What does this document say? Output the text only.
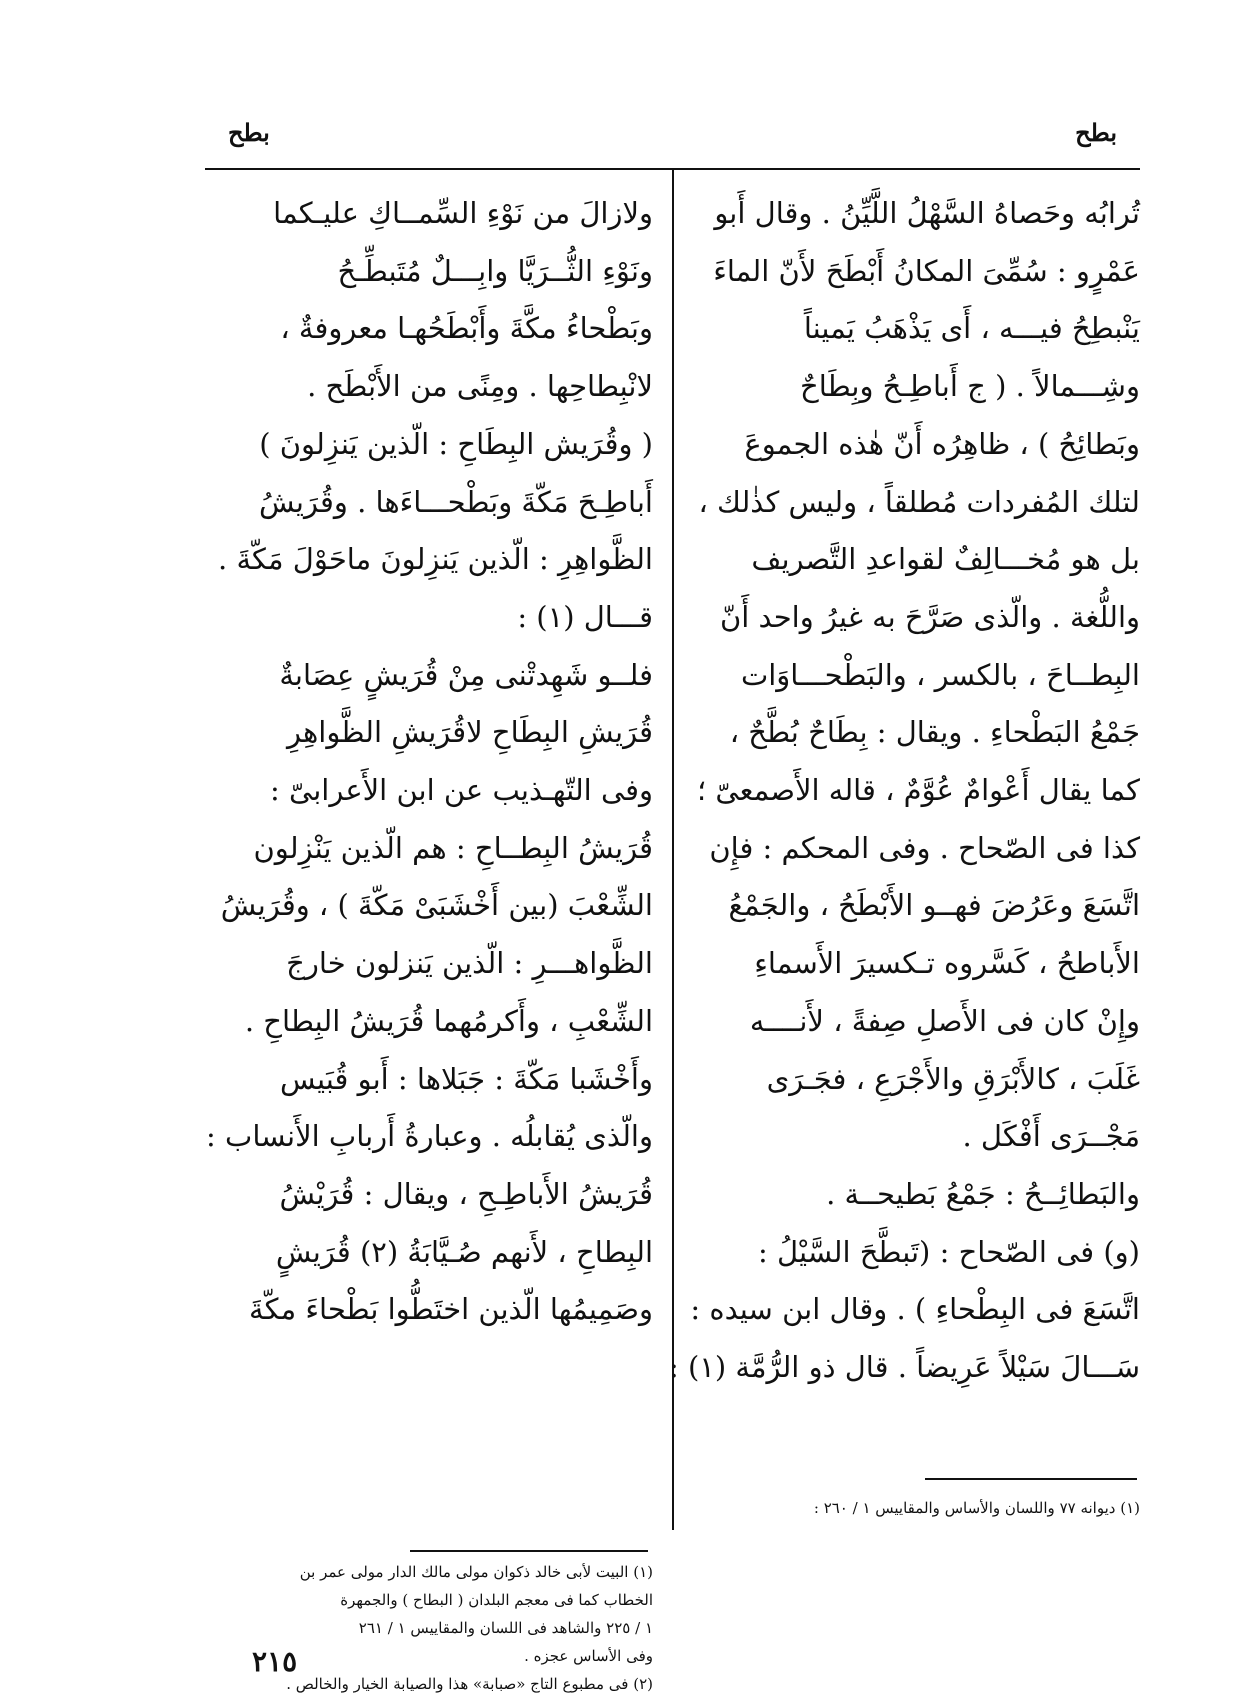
بطح
بطح
تُرابُه وحَصاهُ السَّهْلُ اللَّيِّنُ . وقال أَبو
عَمْرٍو : سُمِّىَ المكانُ أَبْطَحَ لأَنّ الماءَ
يَنْبطِحُ فيـــه ، أَى يَذْهَبُ يَميناً
وشِـــمالاً . ( ج أَباطِـحُ وبِطَاحٌ
وبَطائِحُ ) ، ظاهِرُه أَنّ هٰذه الجموعَ
لتلك المُفردات مُطلقاً ، وليس كذٰلك ،
بل هو مُخـــالِفٌ لقواعدِ التَّصريف
واللُّغة . والّذى صَرَّحَ به غيرُ واحد أَنّ
البِطــاحَ ، بالكسر ، والبَطْحـــاوَات
جَمْعُ البَطْحاءِ . ويقال : بِطَاحٌ بُطَّحٌ ،
كما يقال أَعْوامٌ عُوَّمٌ ، قاله الأَصمعىّ ؛
كذا فى الصّحاح . وفى المحكم : فإِن
اتَّسَعَ وعَرُضَ فهــو الأَبْطَحُ ، والجَمْعُ
الأَباطحُ ، كَسَّروه تـكسيرَ الأَسماءِ
وإِنْ كان فى الأَصلِ صِفةً ، لأَنــــه
غَلَبَ ، كالأَبْرَقِ والأَجْرَعِ ، فجَـرَى
مَجْــرَى أَفْكَل .
والبَطائِــحُ : جَمْعُ بَطيحــة .
(و) فى الصّحاح : (تَبطَّحَ السَّيْلُ :
اتَّسَعَ فى البِطْحاءِ ) . وقال ابن سيده :
سَـــالَ سَيْلاً عَرِيضاً . قال ذو الرُّمَّة (١) :
ولازالَ من نَوْءِ السِّمــاكِ عليـكما
ونَوْءِ الثُّــرَيَّا وابِـــلٌ مُتَبطِّـحُ
وبَطْحاءُ مكَّةَ وأَبْطَحُهـا معروفةٌ ،
لانْبِطاحِها . ومِنًى من الأَبْطَح .
( وقُرَيش البِطَاحِ : الّذين يَنزِلونَ )
أَباطِـحَ مَكّةَ وبَطْحـــاءَها . وقُرَيشُ
الظَّواهِرِ : الّذين يَنزِلونَ ماحَوْلَ مَكّةَ .
قـــال (١) :
فلــو شَهِدتْنى مِنْ قُرَيشٍ عِصَابةٌ
قُرَيشِ البِطَاحِ لاقُرَيشِ الظَّواهِرِ
وفى التّهـذيب عن ابن الأَعرابىّ :
قُرَيشُ البِطــاحِ : هم الّذين يَنْزِلون
الشِّعْبَ (بين أَخْشَبَىْ مَكّةَ ) ، وقُرَيشُ
الظَّواهـــرِ : الّذين يَنزلون خارجَ
الشِّعْبِ ، وأَكرمُهما قُرَيشُ البِطاحِ .
وأَخْشَبا مَكّةَ : جَبَلاها : أَبو قُبَيس
والّذى يُقابلُه . وعبارةُ أَربابِ الأَنساب :
قُرَيشُ الأَباطِـحِ ، ويقال : قُرَيْشُ
البِطاحِ ، لأَنهم صُـيَّابَةُ (٢) قُرَيشٍ
وصَمِيمُها الّذين اختَطُّوا بَطْحاءَ مكّةَ
(١) ديوانه ٧٧ واللسان والأساس والمقاييس ١ / ٢٦٠ :
(١) البيت لأبى خالد ذكوان مولى مالك الدار مولى عمر بن
الخطاب كما فى معجم البلدان ( البطاح ) والجمهرة
١ / ٢٢٥ والشاهد فى اللسان والمقاييس ١ / ٢٦١
وفى الأساس عجزه .
(٢) فى مطبوع التاج «صبابة» هذا والصيابة الخيار والخالص .
٢١٥
